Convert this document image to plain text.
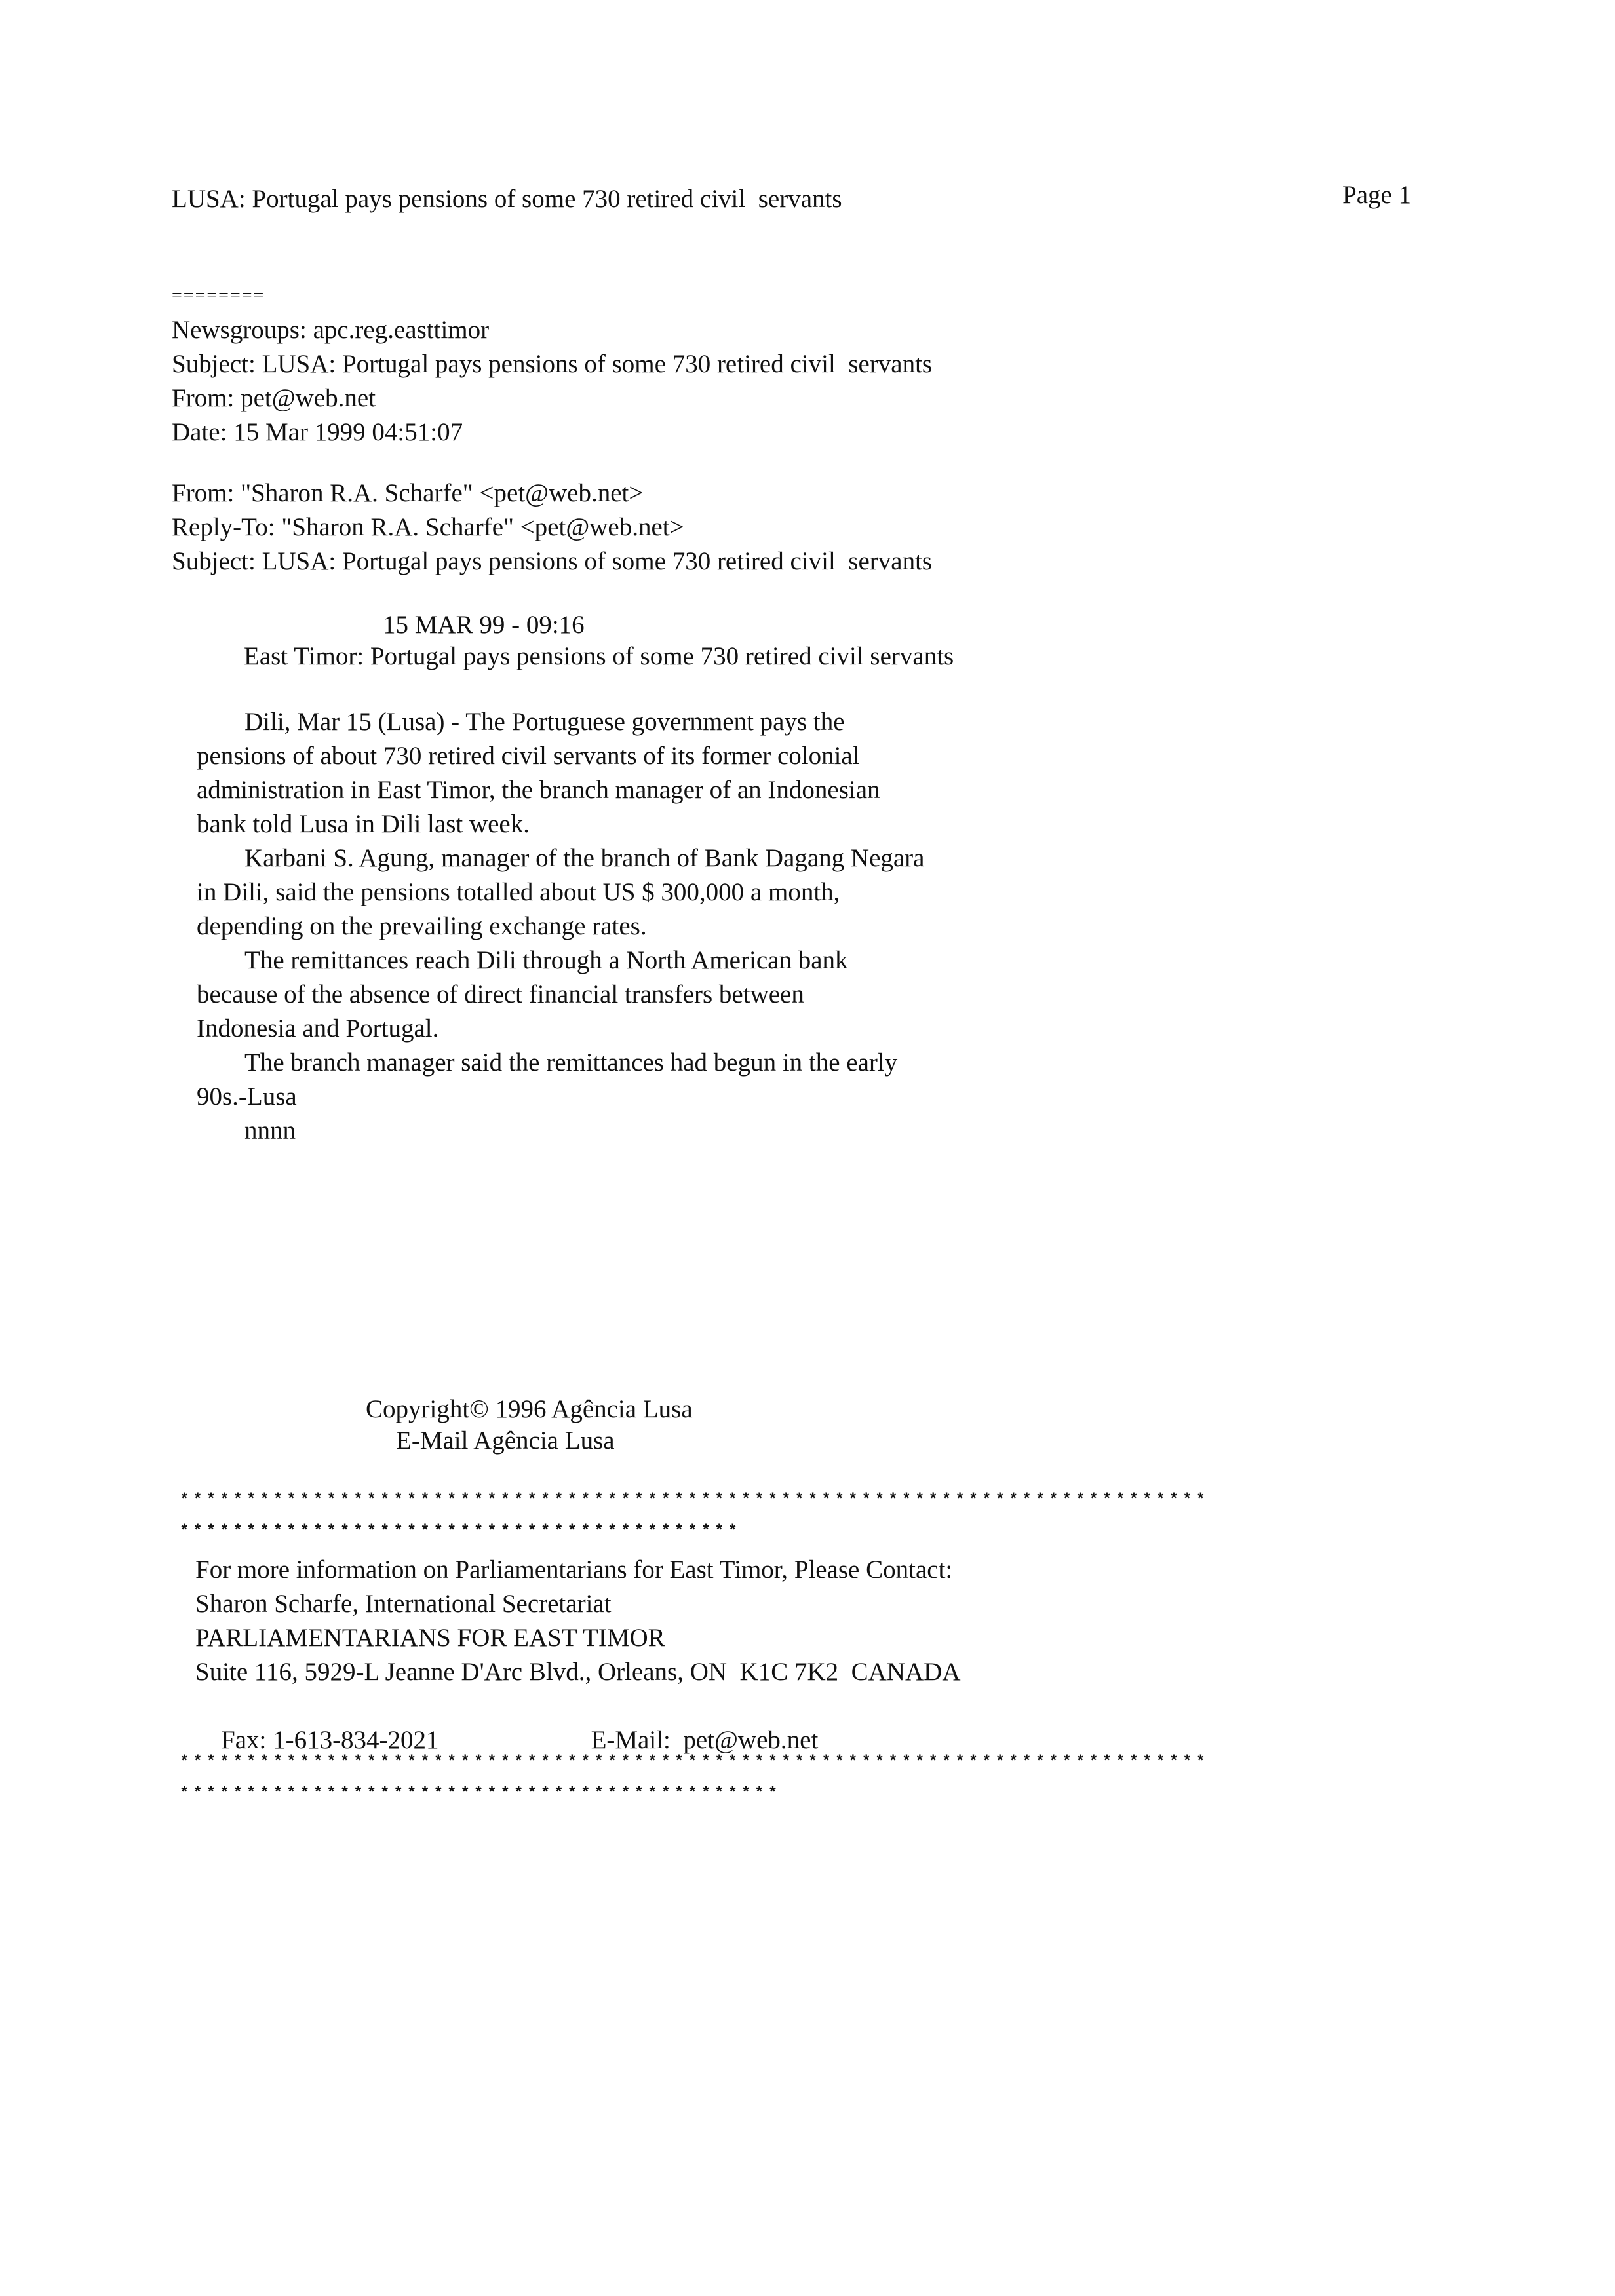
LUSA: Portugal pays pensions of some 730 retired civil  servants	Page 1
========
Newsgroups: apc.reg.easttimor
Subject: LUSA: Portugal pays pensions of some 730 retired civil  servants
From: pet@web.net
Date: 15 Mar 1999 04:51:07
From: "Sharon R.A. Scharfe" <pet@web.net>
Reply-To: "Sharon R.A. Scharfe" <pet@web.net>
Subject: LUSA: Portugal pays pensions of some 730 retired civil  servants
15 MAR 99 - 09:16
East Timor: Portugal pays pensions of some 730 retired civil servants
Dili, Mar 15 (Lusa) - The Portuguese government pays the
pensions of about 730 retired civil servants of its former colonial
administration in East Timor, the branch manager of an Indonesian
bank told Lusa in Dili last week.
Karbani S. Agung, manager of the branch of Bank Dagang Negara
in Dili, said the pensions totalled about US $ 300,000 a month,
depending on the prevailing exchange rates.
The remittances reach Dili through a North American bank
because of the absence of direct financial transfers between
Indonesia and Portugal.
The branch manager said the remittances had begun in the early
90s.-Lusa
nnnn
Copyright© 1996 Agência Lusa
E-Mail Agência Lusa
*****************************************************************************
******************************************
For more information on Parliamentarians for East Timor, Please Contact:
Sharon Scharfe, International Secretariat
PARLIAMENTARIANS FOR EAST TIMOR
Suite 116, 5929-L Jeanne D'Arc Blvd., Orleans, ON  K1C 7K2  CANADA

Fax: 1-613-834-2021	E-Mail:  pet@web.net

*****************************************************************************
*********************************************
